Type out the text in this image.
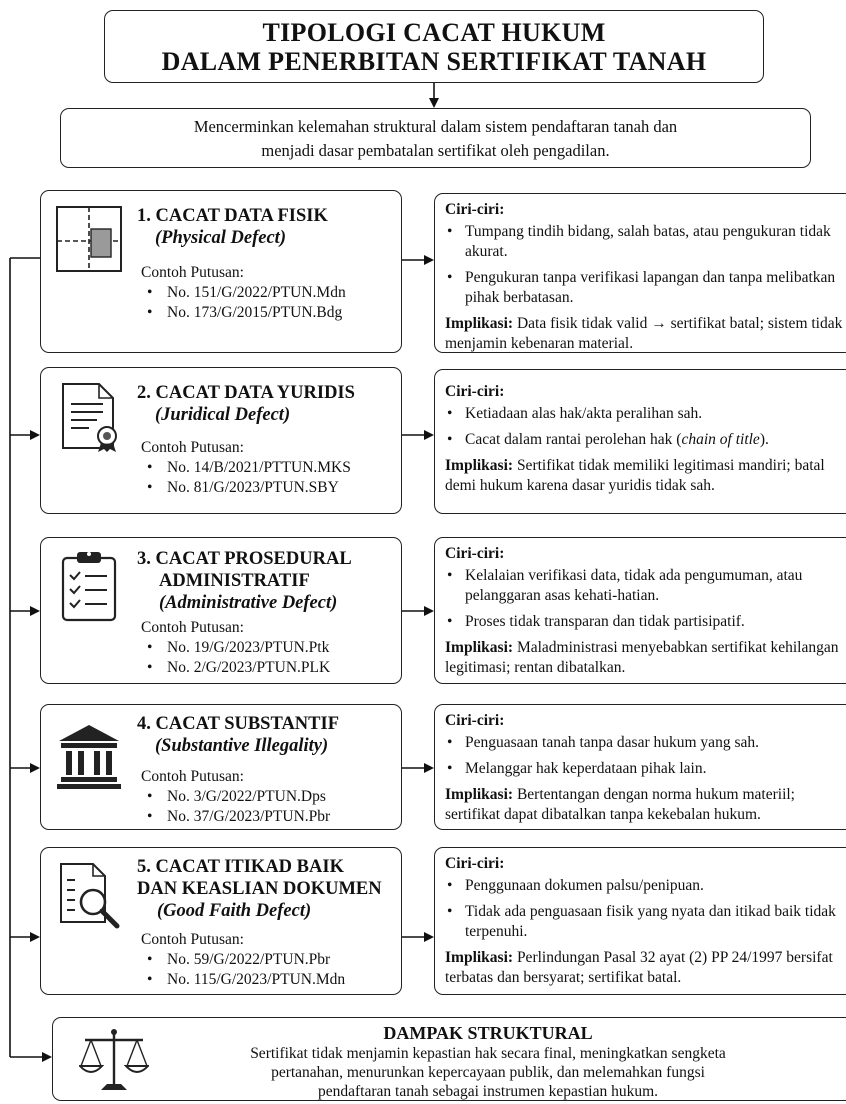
TIPOLOGI CACAT HUKUM
DALAM PENERBITAN SERTIFIKAT TANAH
Mencerminkan kelemahan struktural dalam sistem pendaftaran tanah dan
menjadi dasar pembatalan sertifikat oleh pengadilan.
1. CACAT DATA FISIK
(Physical Defect)
Contoh Putusan:
• No. 151/G/2022/PTUN.Mdn
• No. 173/G/2015/PTUN.Bdg
Ciri-ciri:
• Tumpang tindih bidang, salah batas, atau pengukuran tidak akurat.
• Pengukuran tanpa verifikasi lapangan dan tanpa melibatkan pihak berbatasan.
Implikasi: Data fisik tidak valid → sertifikat batal; sistem tidak menjamin kebenaran material.
2. CACAT DATA YURIDIS
(Juridical Defect)
Contoh Putusan:
• No. 14/B/2021/PTTUN.MKS
• No. 81/G/2023/PTUN.SBY
Ciri-ciri:
• Ketiadaan alas hak/akta peralihan sah.
• Cacat dalam rantai perolehan hak (chain of title).
Implikasi: Sertifikat tidak memiliki legitimasi mandiri; batal demi hukum karena dasar yuridis tidak sah.
3. CACAT PROSEDURAL
ADMINISTRATIF
(Administrative Defect)
Contoh Putusan:
• No. 19/G/2023/PTUN.Ptk
• No. 2/G/2023/PTUN.PLK
Ciri-ciri:
• Kelalaian verifikasi data, tidak ada pengumuman, atau pelanggaran asas kehati-hatian.
• Proses tidak transparan dan tidak partisipatif.
Implikasi: Maladministrasi menyebabkan sertifikat kehilangan legitimasi; rentan dibatalkan.
4. CACAT SUBSTANTIF
(Substantive Illegality)
Contoh Putusan:
• No. 3/G/2022/PTUN.Dps
• No. 37/G/2023/PTUN.Pbr
Ciri-ciri:
• Penguasaan tanah tanpa dasar hukum yang sah.
• Melanggar hak keperdataan pihak lain.
Implikasi: Bertentangan dengan norma hukum materiil; sertifikat dapat dibatalkan tanpa kekebalan hukum.
5. CACAT ITIKAD BAIK
DAN KEASLIAN DOKUMEN
(Good Faith Defect)
Contoh Putusan:
• No. 59/G/2022/PTUN.Pbr
• No. 115/G/2023/PTUN.Mdn
Ciri-ciri:
• Penggunaan dokumen palsu/penipuan.
• Tidak ada penguasaan fisik yang nyata dan itikad baik tidak terpenuhi.
Implikasi: Perlindungan Pasal 32 ayat (2) PP 24/1997 bersifat terbatas dan bersyarat; sertifikat batal.
DAMPAK STRUKTURAL
Sertifikat tidak menjamin kepastian hak secara final, meningkatkan sengketa
pertanahan, menurunkan kepercayaan publik, dan melemahkan fungsi
pendaftaran tanah sebagai instrumen kepastian hukum.
